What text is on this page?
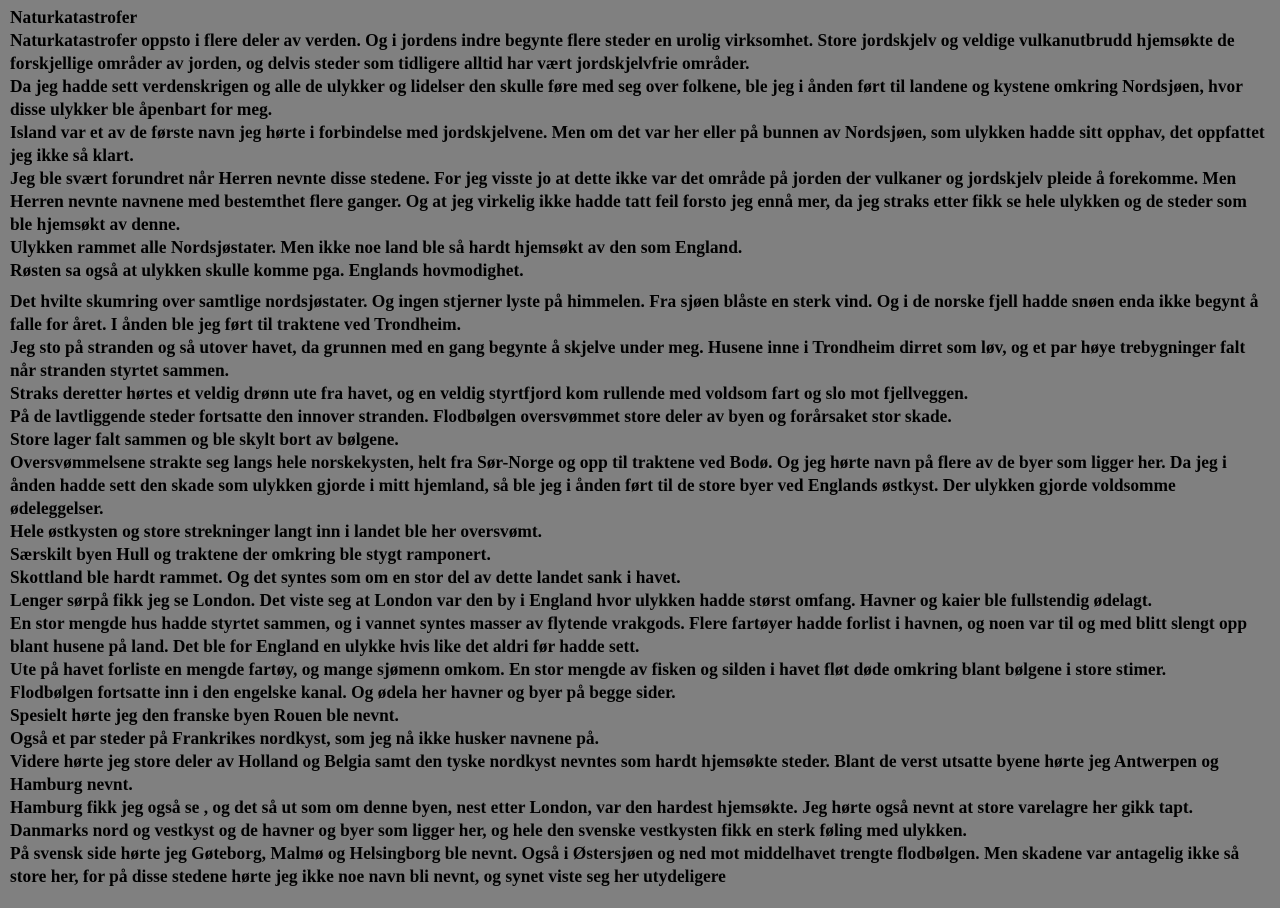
Naturkatastrofer
Naturkatastrofer oppsto i flere deler av verden. Og i jordens indre begynte flere steder en urolig virksomhet. Store jordskjelv og veldige vulkanutbrudd hjemsøkte de forskjellige områder av jorden, og delvis steder som tidligere alltid har vært jordskjelvfrie områder.
Da jeg hadde sett verdenskrigen og alle de ulykker og lidelser den skulle føre med seg over folkene, ble jeg i ånden ført til landene og kystene omkring Nordsjøen, hvor disse ulykker ble åpenbart for meg.
Island var et av de første navn jeg hørte i forbindelse med jordskjelvene. Men om det var her eller på bunnen av Nordsjøen, som ulykken hadde sitt opphav, det oppfattet jeg ikke så klart.
Jeg ble svært forundret når Herren nevnte disse stedene. For jeg visste jo at dette ikke var det område på jorden der vulkaner og jordskjelv pleide å forekomme. Men Herren nevnte navnene med bestemthet flere ganger. Og at jeg virkelig ikke hadde tatt feil forsto jeg ennå mer, da jeg straks etter fikk se hele ulykken og de steder som ble hjemsøkt av denne.
Ulykken rammet alle Nordsjøstater. Men ikke noe land ble så hardt hjemsøkt av den som England.
Røsten sa også at ulykken skulle komme pga. Englands hovmodighet.
Det hvilte skumring over samtlige nordsjøstater. Og ingen stjerner lyste på himmelen. Fra sjøen blåste en sterk vind. Og i de norske fjell hadde snøen enda ikke begynt å falle for året. I ånden ble jeg ført til traktene ved Trondheim.
Jeg sto på stranden og så utover havet, da grunnen med en gang begynte å skjelve under meg. Husene inne i Trondheim dirret som løv, og et par høye trebygninger falt når stranden styrtet sammen.
Straks deretter hørtes et veldig drønn ute fra havet, og en veldig styrtfjord kom rullende med voldsom fart og slo mot fjellveggen.
På de lavtliggende steder fortsatte den innover stranden. Flodbølgen oversvømmet store deler av byen og forårsaket stor skade.
Store lager falt sammen og ble skylt bort av bølgene.
Oversvømmelsene strakte seg langs hele norskekysten, helt fra Sør-Norge og opp til traktene ved Bodø. Og jeg hørte navn på flere av de byer som ligger her. Da jeg i ånden hadde sett den skade som ulykken gjorde i mitt hjemland, så ble jeg i ånden ført til de store byer ved Englands østkyst. Der ulykken gjorde voldsomme ødeleggelser.
Hele østkysten og store strekninger langt inn i landet ble her oversvømt.
Særskilt byen Hull og traktene der omkring ble stygt ramponert.
Skottland ble hardt rammet. Og det syntes som om en stor del av dette landet sank i havet.
Lenger sørpå fikk jeg se London. Det viste seg at London var den by i England hvor ulykken hadde størst omfang. Havner og kaier ble fullstendig ødelagt.
En stor mengde hus hadde styrtet sammen, og i vannet syntes masser av flytende vrakgods. Flere fartøyer hadde forlist i havnen, og noen var til og med blitt slengt opp blant husene på land. Det ble for England en ulykke hvis like det aldri før hadde sett.
Ute på havet forliste en mengde fartøy, og mange sjømenn omkom. En stor mengde av fisken og silden i havet fløt døde omkring blant bølgene i store stimer.
Flodbølgen fortsatte inn i den engelske kanal. Og ødela her havner og byer på begge sider.
Spesielt hørte jeg den franske byen Rouen ble nevnt.
Også et par steder på Frankrikes nordkyst, som jeg nå ikke husker navnene på.
Videre hørte jeg store deler av Holland og Belgia samt den tyske nordkyst nevntes som hardt hjemsøkte steder. Blant de verst utsatte byene hørte jeg Antwerpen og Hamburg nevnt.
Hamburg fikk jeg også se , og det så ut som om denne byen, nest etter London, var den hardest hjemsøkte. Jeg hørte også nevnt at store varelagre her gikk tapt.
Danmarks nord og vestkyst og de havner og byer som ligger her, og hele den svenske vestkysten fikk en sterk føling med ulykken.
På svensk side hørte jeg Gøteborg, Malmø og Helsingborg ble nevnt. Også i Østersjøen og ned mot middelhavet trengte flodbølgen. Men skadene var antagelig ikke så store her, for på disse stedene hørte jeg ikke noe navn bli nevnt, og synet viste seg her utydeligere
